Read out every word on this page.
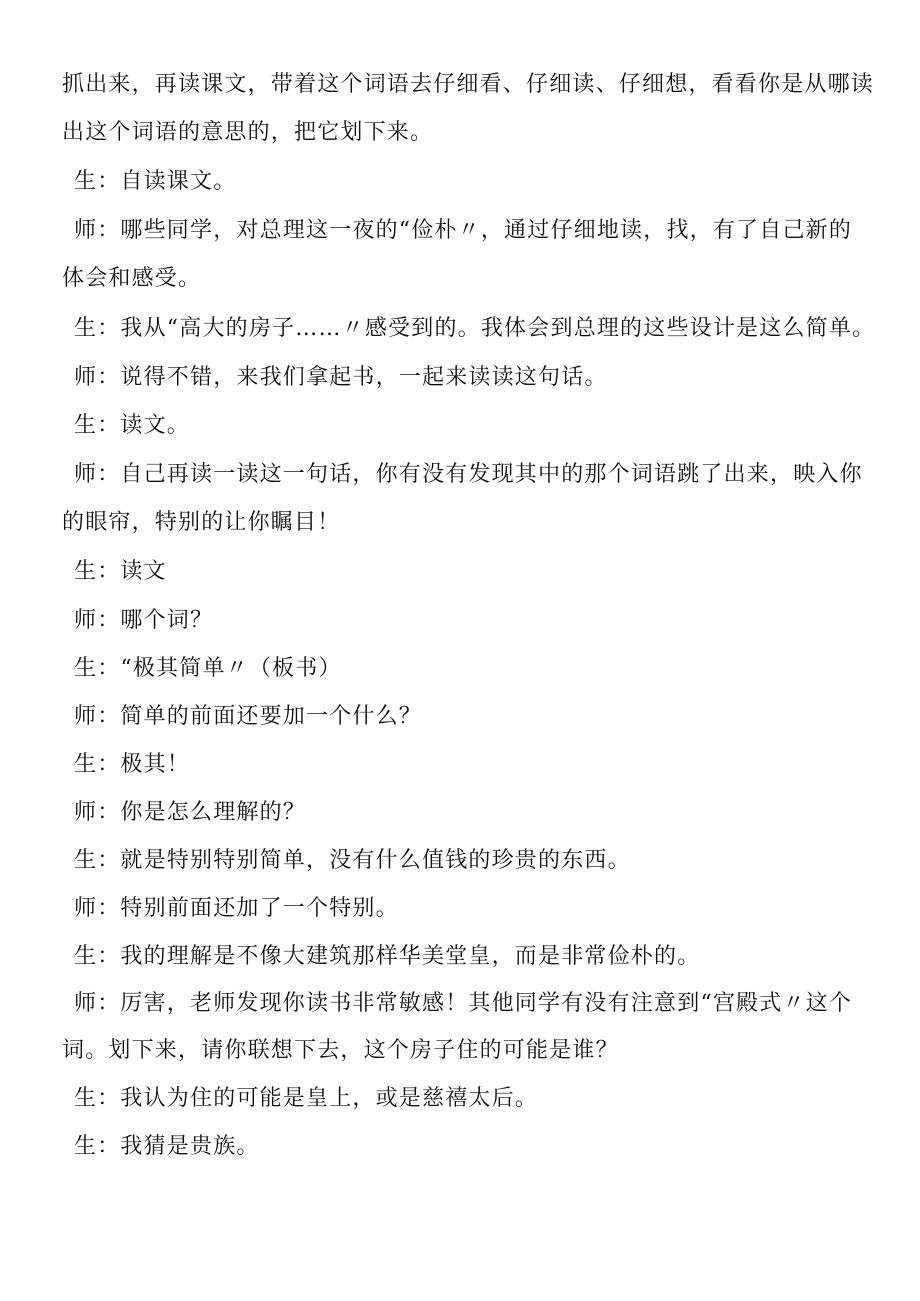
抓出来，再读课文，带着这个词语去仔细看、仔细读、仔细想，看看你是从哪读
出这个词语的意思的，把它划下来。
生：自读课文。
师：哪些同学，对总理这一夜的“俭朴〃，通过仔细地读，找，有了自己新的
体会和感受。
生：我从“高大的房子……〃感受到的。我体会到总理的这些设计是这么简单。
师：说得不错，来我们拿起书，一起来读读这句话。
生：读文。
师：自己再读一读这一句话，你有没有发现其中的那个词语跳了出来，映入你
的眼帘，特别的让你瞩目！
生：读文
师：哪个词？
生：“极其简单〃（板书）
师：简单的前面还要加一个什么？
生：极其！
师：你是怎么理解的？
生：就是特别特别简单，没有什么值钱的珍贵的东西。
师：特别前面还加了一个特别。
生：我的理解是不像大建筑那样华美堂皇，而是非常俭朴的。
师：厉害，老师发现你读书非常敏感！其他同学有没有注意到“宫殿式〃这个
词。划下来，请你联想下去，这个房子住的可能是谁？
生：我认为住的可能是皇上，或是慈禧太后。
生：我猜是贵族。
